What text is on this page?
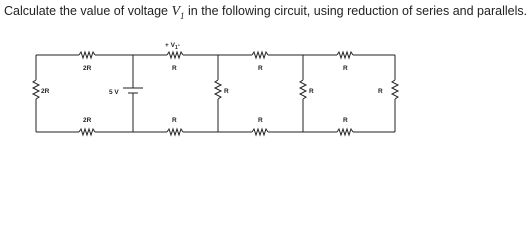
Calculate the value of voltage $V_1$ in the following circuit, using reduction of series and parallels.
2R
2R
2R
5 V
+ $V_1-$
R
R
R
R
R
R
R
R
R
